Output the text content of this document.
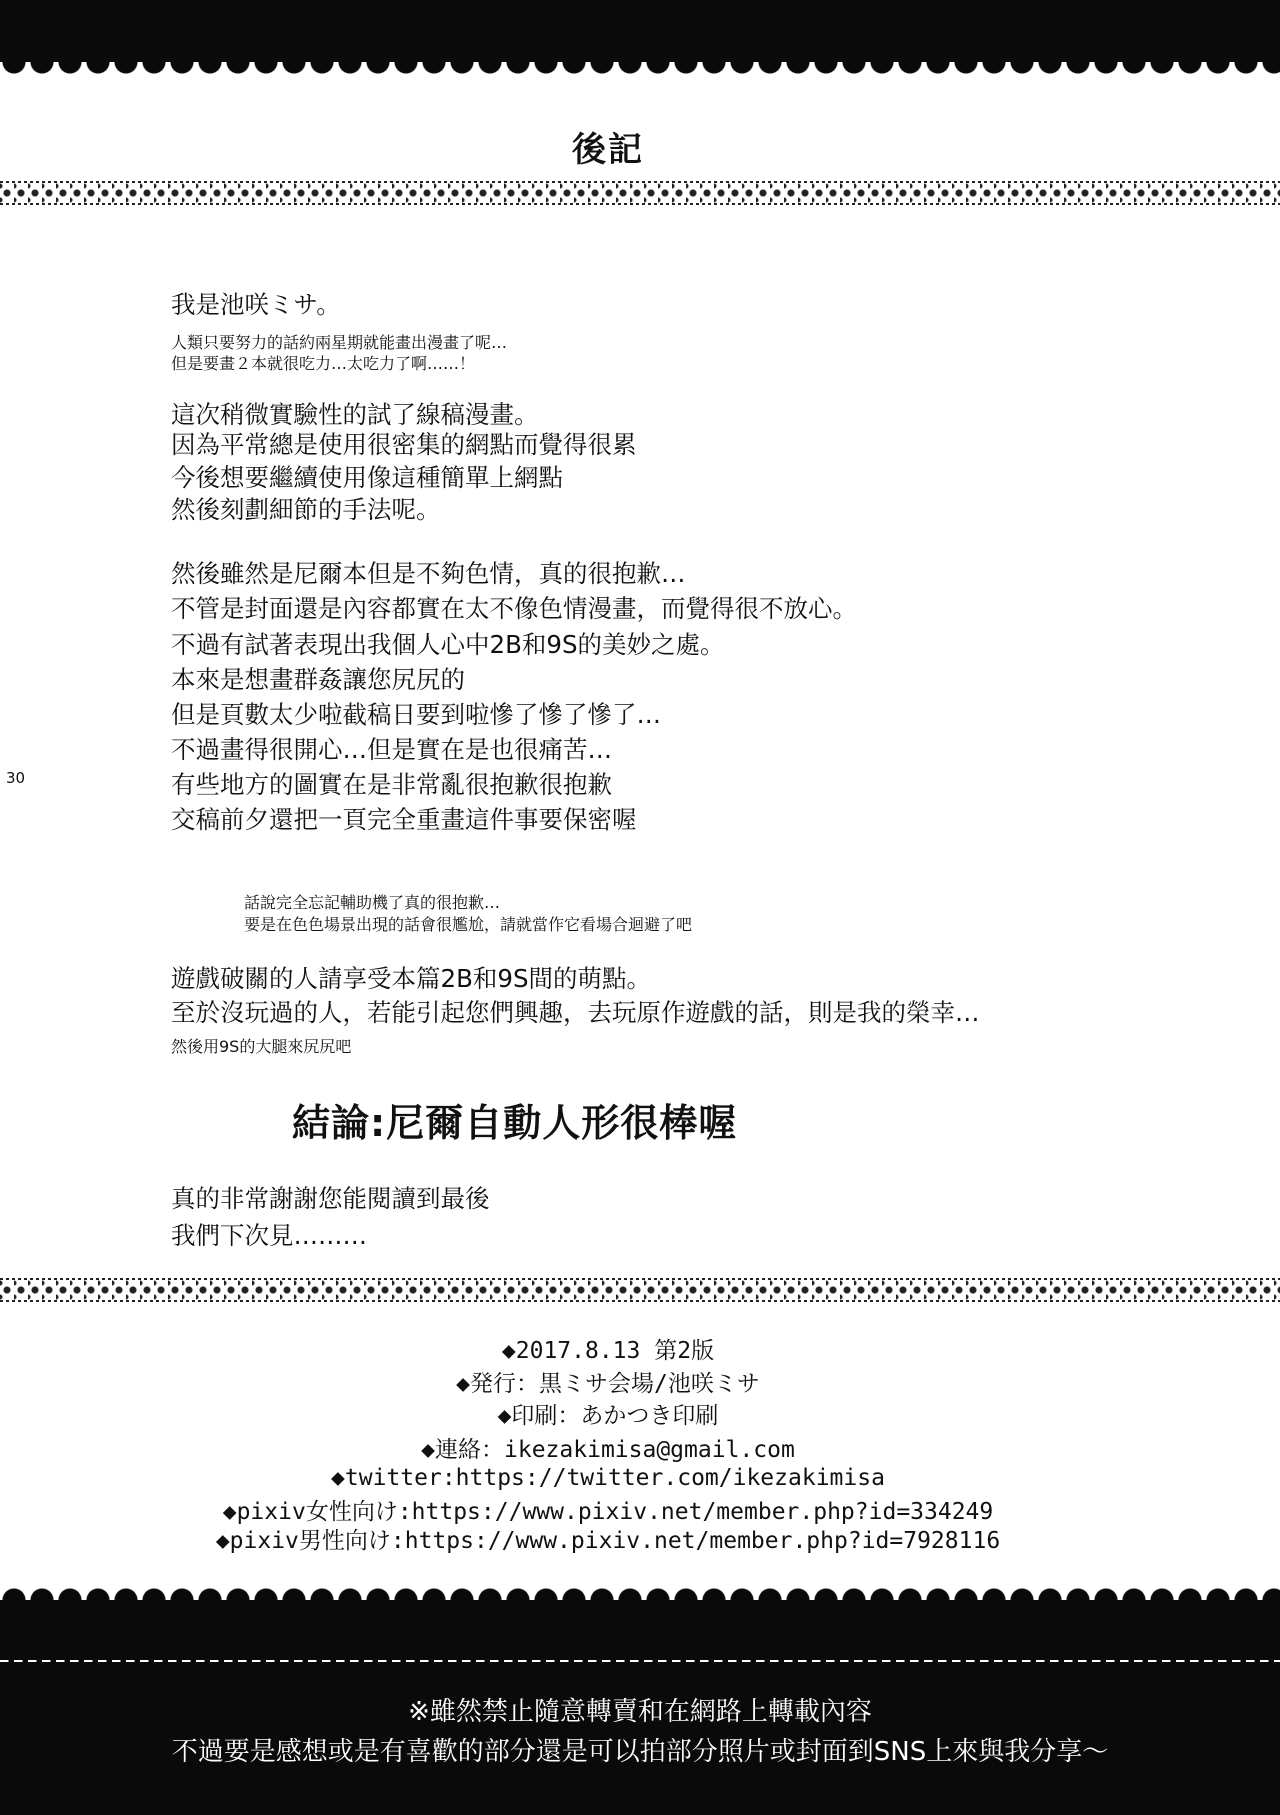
後記
30
我是池咲ミサ。
人類只要努力的話約兩星期就能畫出漫畫了呢…
但是要畫２本就很吃力…太吃力了啊……！
這次稍微實驗性的試了線稿漫畫。
因為平常總是使用很密集的網點而覺得很累
今後想要繼續使用像這種簡單上網點
然後刻劃細節的手法呢。
然後雖然是尼爾本但是不夠色情，真的很抱歉…
不管是封面還是內容都實在太不像色情漫畫，而覺得很不放心。
不過有試著表現出我個人心中2B和9S的美妙之處。
本來是想畫群姦讓您尻尻的
但是頁數太少啦截稿日要到啦慘了慘了慘了…
不過畫得很開心…但是實在是也很痛苦…
有些地方的圖實在是非常亂很抱歉很抱歉
交稿前夕還把一頁完全重畫這件事要保密喔
話說完全忘記輔助機了真的很抱歉…
要是在色色場景出現的話會很尷尬，請就當作它看場合迴避了吧
遊戲破關的人請享受本篇2B和9S間的萌點。
至於沒玩過的人，若能引起您們興趣，去玩原作遊戲的話，則是我的榮幸…
然後用9S的大腿來尻尻吧
結論:尼爾自動人形很棒喔
真的非常謝謝您能閱讀到最後
我們下次見………
◆2017.8.13 第2版
◆発行：黒ミサ会場/池咲ミサ
◆印刷：あかつき印刷
◆連絡：ikezakimisa@gmail.com
◆twitter:https://twitter.com/ikezakimisa
◆pixiv女性向け:https://www.pixiv.net/member.php?id=334249
◆pixiv男性向け:https://www.pixiv.net/member.php?id=7928116
※雖然禁止隨意轉賣和在網路上轉載內容
不過要是感想或是有喜歡的部分還是可以拍部分照片或封面到SNS上來與我分享～
